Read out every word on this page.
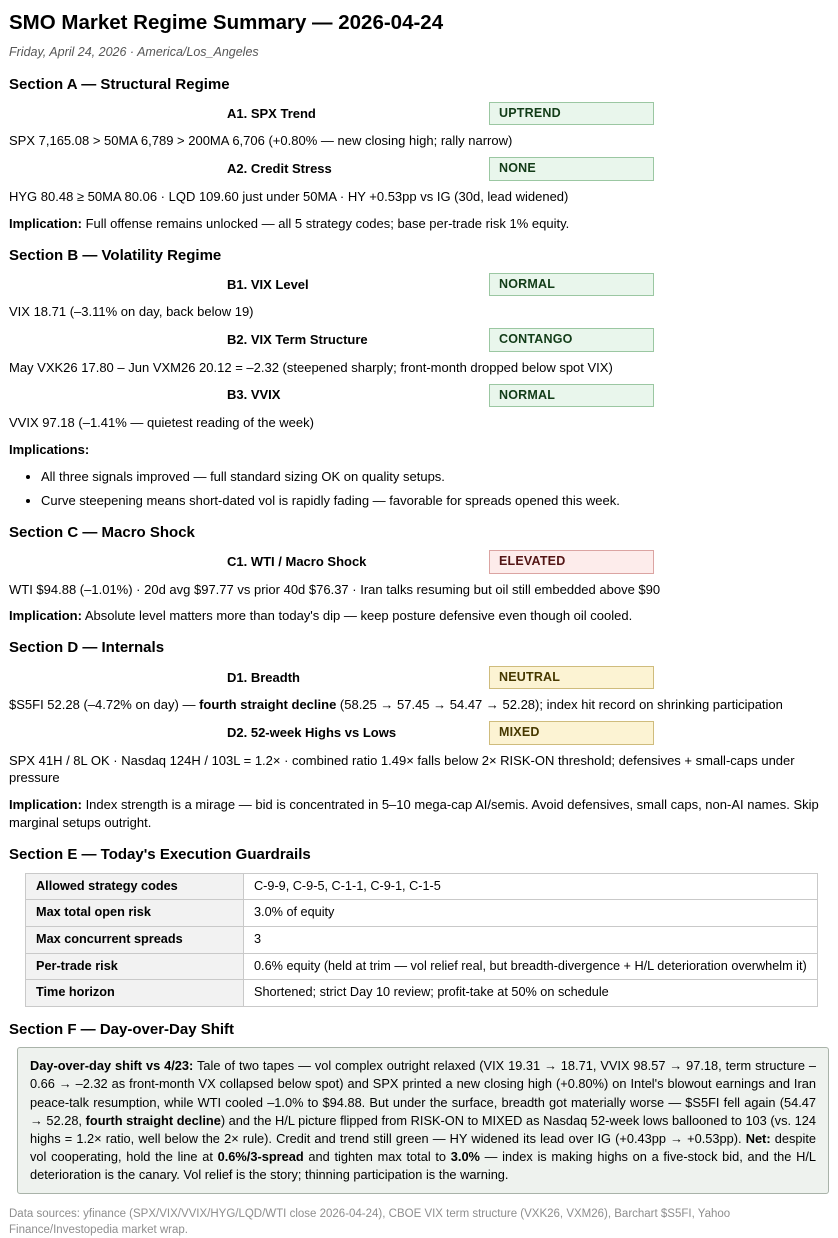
SMO Market Regime Summary — 2026-04-24

Friday, April 24, 2026 · America/Los_Angeles

Section A — Structural Regime
A1. SPX Trend	UPTREND

SPX 7,165.08 > 50MA 6,789 > 200MA 6,706 (+0.80% — new closing high; rally narrow)

A2. Credit Stress	NONE

HYG 80.48 ≥ 50MA 80.06 · LQD 109.60 just under 50MA · HY +0.53pp vs IG (30d, lead widened)

Implication: Full offense remains unlocked — all 5 strategy codes; base per-trade risk 1% equity.

Section B — Volatility Regime
B1. VIX Level	NORMAL

VIX 18.71 (–3.11% on day, back below 19)

B2. VIX Term Structure	CONTANGO

May VXK26 17.80 – Jun VXM26 20.12 = –2.32 (steepened sharply; front-month dropped below spot VIX)

B3. VVIX	NORMAL

VVIX 97.18 (–1.41% — quietest reading of the week)

Implications:

• All three signals improved — full standard sizing OK on quality setups.
• Curve steepening means short-dated vol is rapidly fading — favorable for spreads opened this week.
Section C — Macro Shock
C1. WTI / Macro Shock	ELEVATED

WTI $94.88 (–1.01%) · 20d avg $97.77 vs prior 40d $76.37 · Iran talks resuming but oil still embedded above $90

Implication: Absolute level matters more than today's dip — keep posture defensive even though oil cooled.

Section D — Internals
D1. Breadth	NEUTRAL

$S5FI 52.28 (–4.72% on day) — fourth straight decline (58.25 → 57.45 → 54.47 → 52.28); index hit record on shrinking participation

D2. 52-week Highs vs Lows	MIXED

SPX 41H / 8L OK · Nasdaq 124H / 103L = 1.2× · combined ratio 1.49× falls below 2× RISK-ON threshold; defensives + small-caps under pressure

Implication: Index strength is a mirage — bid is concentrated in 5–10 mega-cap AI/semis. Avoid defensives, small caps, non-AI names. Skip marginal setups outright.

Section E — Today's Execution Guardrails
Allowed strategy codes	C-9-9, C-9-5, C-1-1, C-9-1, C-1-5
Max total open risk	3.0% of equity
Max concurrent spreads	3
Per-trade risk	0.6% equity (held at trim — vol relief real, but breadth-divergence + H/L deterioration overwhelm it)
Time horizon	Shortened; strict Day 10 review; profit-take at 50% on schedule
Section F — Day-over-Day Shift
Day-over-day shift vs 4/23: Tale of two tapes — vol complex outright relaxed (VIX 19.31 → 18.71, VVIX 98.57 → 97.18, term structure –0.66 → –2.32 as front-month VX collapsed below spot) and SPX printed a new closing high (+0.80%) on Intel's blowout earnings and Iran peace-talk resumption, while WTI cooled –1.0% to $94.88. But under the surface, breadth got materially worse — $S5FI fell again (54.47 → 52.28, fourth straight decline) and the H/L picture flipped from RISK-ON to MIXED as Nasdaq 52-week lows ballooned to 103 (vs. 124 highs = 1.2× ratio, well below the 2× rule). Credit and trend still green — HY widened its lead over IG (+0.43pp → +0.53pp). Net: despite vol cooperating, hold the line at 0.6%/3-spread and tighten max total to 3.0% — index is making highs on a five-stock bid, and the H/L deterioration is the canary. Vol relief is the story; thinning participation is the warning.

Data sources: yfinance (SPX/VIX/VVIX/HYG/LQD/WTI close 2026-04-24), CBOE VIX term structure (VXK26, VXM26), Barchart $S5FI, Yahoo Finance/Investopedia market wrap.
